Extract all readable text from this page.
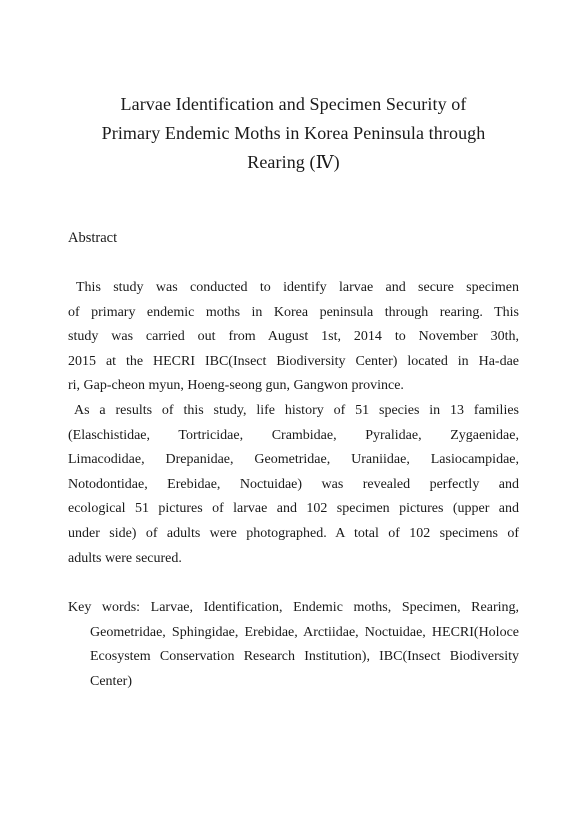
Larvae Identification and Specimen Security of
Primary Endemic Moths in Korea Peninsula through
Rearing (Ⅳ)
Abstract
This study was conducted to identify larvae and secure specimen
of primary endemic moths in Korea peninsula through rearing. This
study was carried out from August 1st, 2014 to November 30th,
2015 at the HECRI IBC(Insect Biodiversity Center) located in Ha-dae
ri, Gap-cheon myun, Hoeng-seong gun, Gangwon province.
As a results of this study, life history of 51 species in 13 families
(Elaschistidae, Tortricidae, Crambidae, Pyralidae, Zygaenidae,
Limacodidae, Drepanidae, Geometridae, Uraniidae, Lasiocampidae,
Notodontidae, Erebidae, Noctuidae) was revealed perfectly and
ecological 51 pictures of larvae and 102 specimen pictures (upper and
under side) of adults were photographed. A total of 102 specimens of
adults were secured.
Key words: Larvae, Identification, Endemic moths, Specimen, Rearing,
Geometridae, Sphingidae, Erebidae, Arctiidae, Noctuidae, HECRI(Holoce
Ecosystem Conservation Research Institution), IBC(Insect Biodiversity
Center)
